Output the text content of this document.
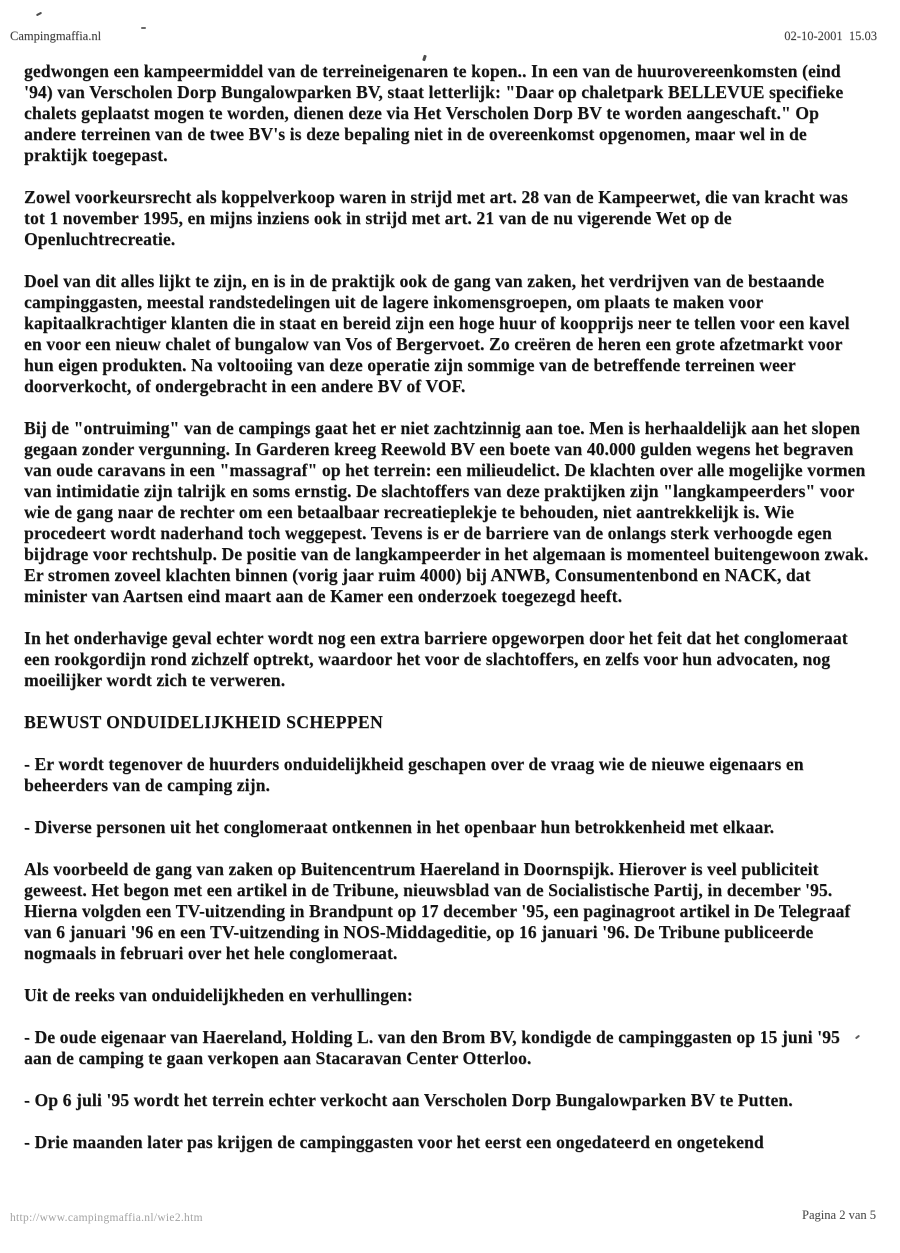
Campingmaffia.nl	02-10-2001  15.03

gedwongen een kampeermiddel van de terreineigenaren te kopen.. In een van de huurovereenkomsten (eind '94) van Verscholen Dorp Bungalowparken BV, staat letterlijk: "Daar op chaletpark BELLEVUE specifieke chalets geplaatst mogen te worden, dienen deze via Het Verscholen Dorp BV te worden aangeschaft." Op andere terreinen van de twee BV's is deze bepaling niet in de overeenkomst opgenomen, maar wel in de praktijk toegepast.

Zowel voorkeursrecht als koppelverkoop waren in strijd met art. 28 van de Kampeerwet, die van kracht was tot 1 november 1995, en mijns inziens ook in strijd met art. 21 van de nu vigerende Wet op de Openluchtrecreatie.

Doel van dit alles lijkt te zijn, en is in de praktijk ook de gang van zaken, het verdrijven van de bestaande campinggasten, meestal randstedelingen uit de lagere inkomensgroepen, om plaats te maken voor kapitaalkrachtiger klanten die in staat en bereid zijn een hoge huur of koopprijs neer te tellen voor een kavel en voor een nieuw chalet of bungalow van Vos of Bergervoet. Zo creëren de heren een grote afzetmarkt voor hun eigen produkten. Na voltooiing van deze operatie zijn sommige van de betreffende terreinen weer doorverkocht, of ondergebracht in een andere BV of VOF.

Bij de "ontruiming" van de campings gaat het er niet zachtzinnig aan toe. Men is herhaaldelijk aan het slopen gegaan zonder vergunning. In Garderen kreeg Reewold BV een boete van 40.000 gulden wegens het begraven van oude caravans in een "massagraf" op het terrein: een milieudelict. De klachten over alle mogelijke vormen van intimidatie zijn talrijk en soms ernstig. De slachtoffers van deze praktijken zijn "langkampeerders" voor wie de gang naar de rechter om een betaalbaar recreatieplekje te behouden, niet aantrekkelijk is. Wie procedeert wordt naderhand toch weggepest. Tevens is er de barriere van de onlangs sterk verhoogde egen bijdrage voor rechtshulp. De positie van de langkampeerder in het algemaan is momenteel buitengewoon zwak. Er stromen zoveel klachten binnen (vorig jaar ruim 4000) bij ANWB, Consumentenbond en NACK, dat minister van Aartsen eind maart aan de Kamer een onderzoek toegezegd heeft.

In het onderhavige geval echter wordt nog een extra barriere opgeworpen door het feit dat het conglomeraat een rookgordijn rond zichzelf optrekt, waardoor het voor de slachtoffers, en zelfs voor hun advocaten, nog moeilijker wordt zich te verweren.

BEWUST ONDUIDELIJKHEID SCHEPPEN

- Er wordt tegenover de huurders onduidelijkheid geschapen over de vraag wie de nieuwe eigenaars en beheerders van de camping zijn.

- Diverse personen uit het conglomeraat ontkennen in het openbaar hun betrokkenheid met elkaar.

Als voorbeeld de gang van zaken op Buitencentrum Haereland in Doornspijk. Hierover is veel publiciteit geweest. Het begon met een artikel in de Tribune, nieuwsblad van de Socialistische Partij, in december '95. Hierna volgden een TV-uitzending in Brandpunt op 17 december '95, een paginagroot artikel in De Telegraaf van 6 januari '96 en een TV-uitzending in NOS-Middageditie, op 16 januari '96. De Tribune publiceerde nogmaals in februari over het hele conglomeraat.

Uit de reeks van onduidelijkheden en verhullingen:

- De oude eigenaar van Haereland, Holding L. van den Brom BV, kondigde de campinggasten op 15 juni '95 aan de camping te gaan verkopen aan Stacaravan Center Otterloo.

- Op 6 juli '95 wordt het terrein echter verkocht aan Verscholen Dorp Bungalowparken BV te Putten.

- Drie maanden later pas krijgen de campinggasten voor het eerst een ongedateerd en ongetekend

http://www.campingmaffia.nl/wie2.htm	Pagina 2 van 5
